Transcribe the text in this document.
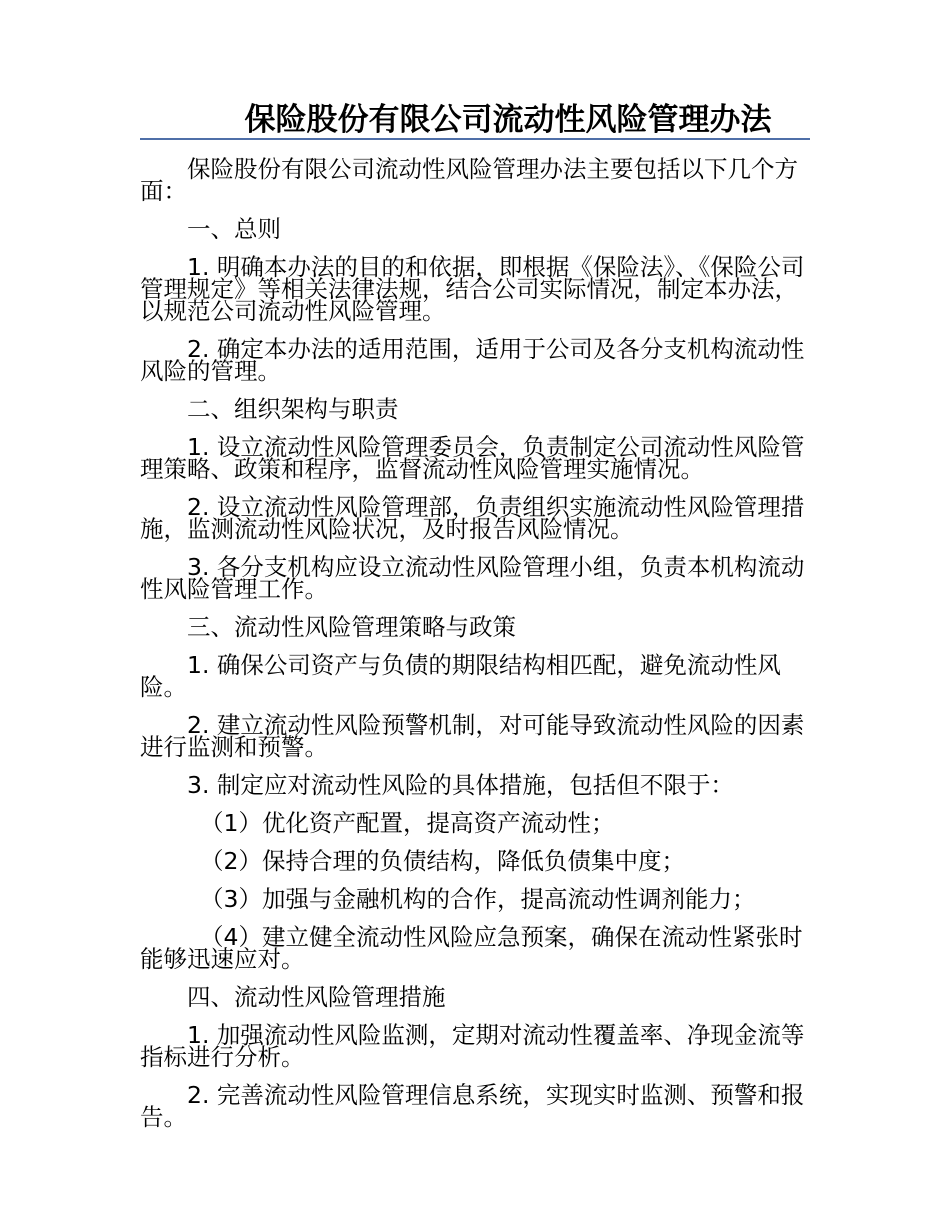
保险股份有限公司流动性风险管理办法

保险股份有限公司流动性风险管理办法主要包括以下几个方面：

一、总则

1. 明确本办法的目的和依据，即根据《保险法》、《保险公司管理规定》等相关法律法规，结合公司实际情况，制定本办法，以规范公司流动性风险管理。

2. 确定本办法的适用范围，适用于公司及各分支机构流动性风险的管理。

二、组织架构与职责

1. 设立流动性风险管理委员会，负责制定公司流动性风险管理策略、政策和程序，监督流动性风险管理实施情况。

2. 设立流动性风险管理部，负责组织实施流动性风险管理措施，监测流动性风险状况，及时报告风险情况。

3. 各分支机构应设立流动性风险管理小组，负责本机构流动性风险管理工作。

三、流动性风险管理策略与政策

1. 确保公司资产与负债的期限结构相匹配，避免流动性风险。

2. 建立流动性风险预警机制，对可能导致流动性风险的因素进行监测和预警。

3. 制定应对流动性风险的具体措施，包括但不限于：

（1）优化资产配置，提高资产流动性；

（2）保持合理的负债结构，降低负债集中度；

（3）加强与金融机构的合作，提高流动性调剂能力；

（4）建立健全流动性风险应急预案，确保在流动性紧张时能够迅速应对。

四、流动性风险管理措施

1. 加强流动性风险监测，定期对流动性覆盖率、净现金流等指标进行分析。

2. 完善流动性风险管理信息系统，实现实时监测、预警和报告。
